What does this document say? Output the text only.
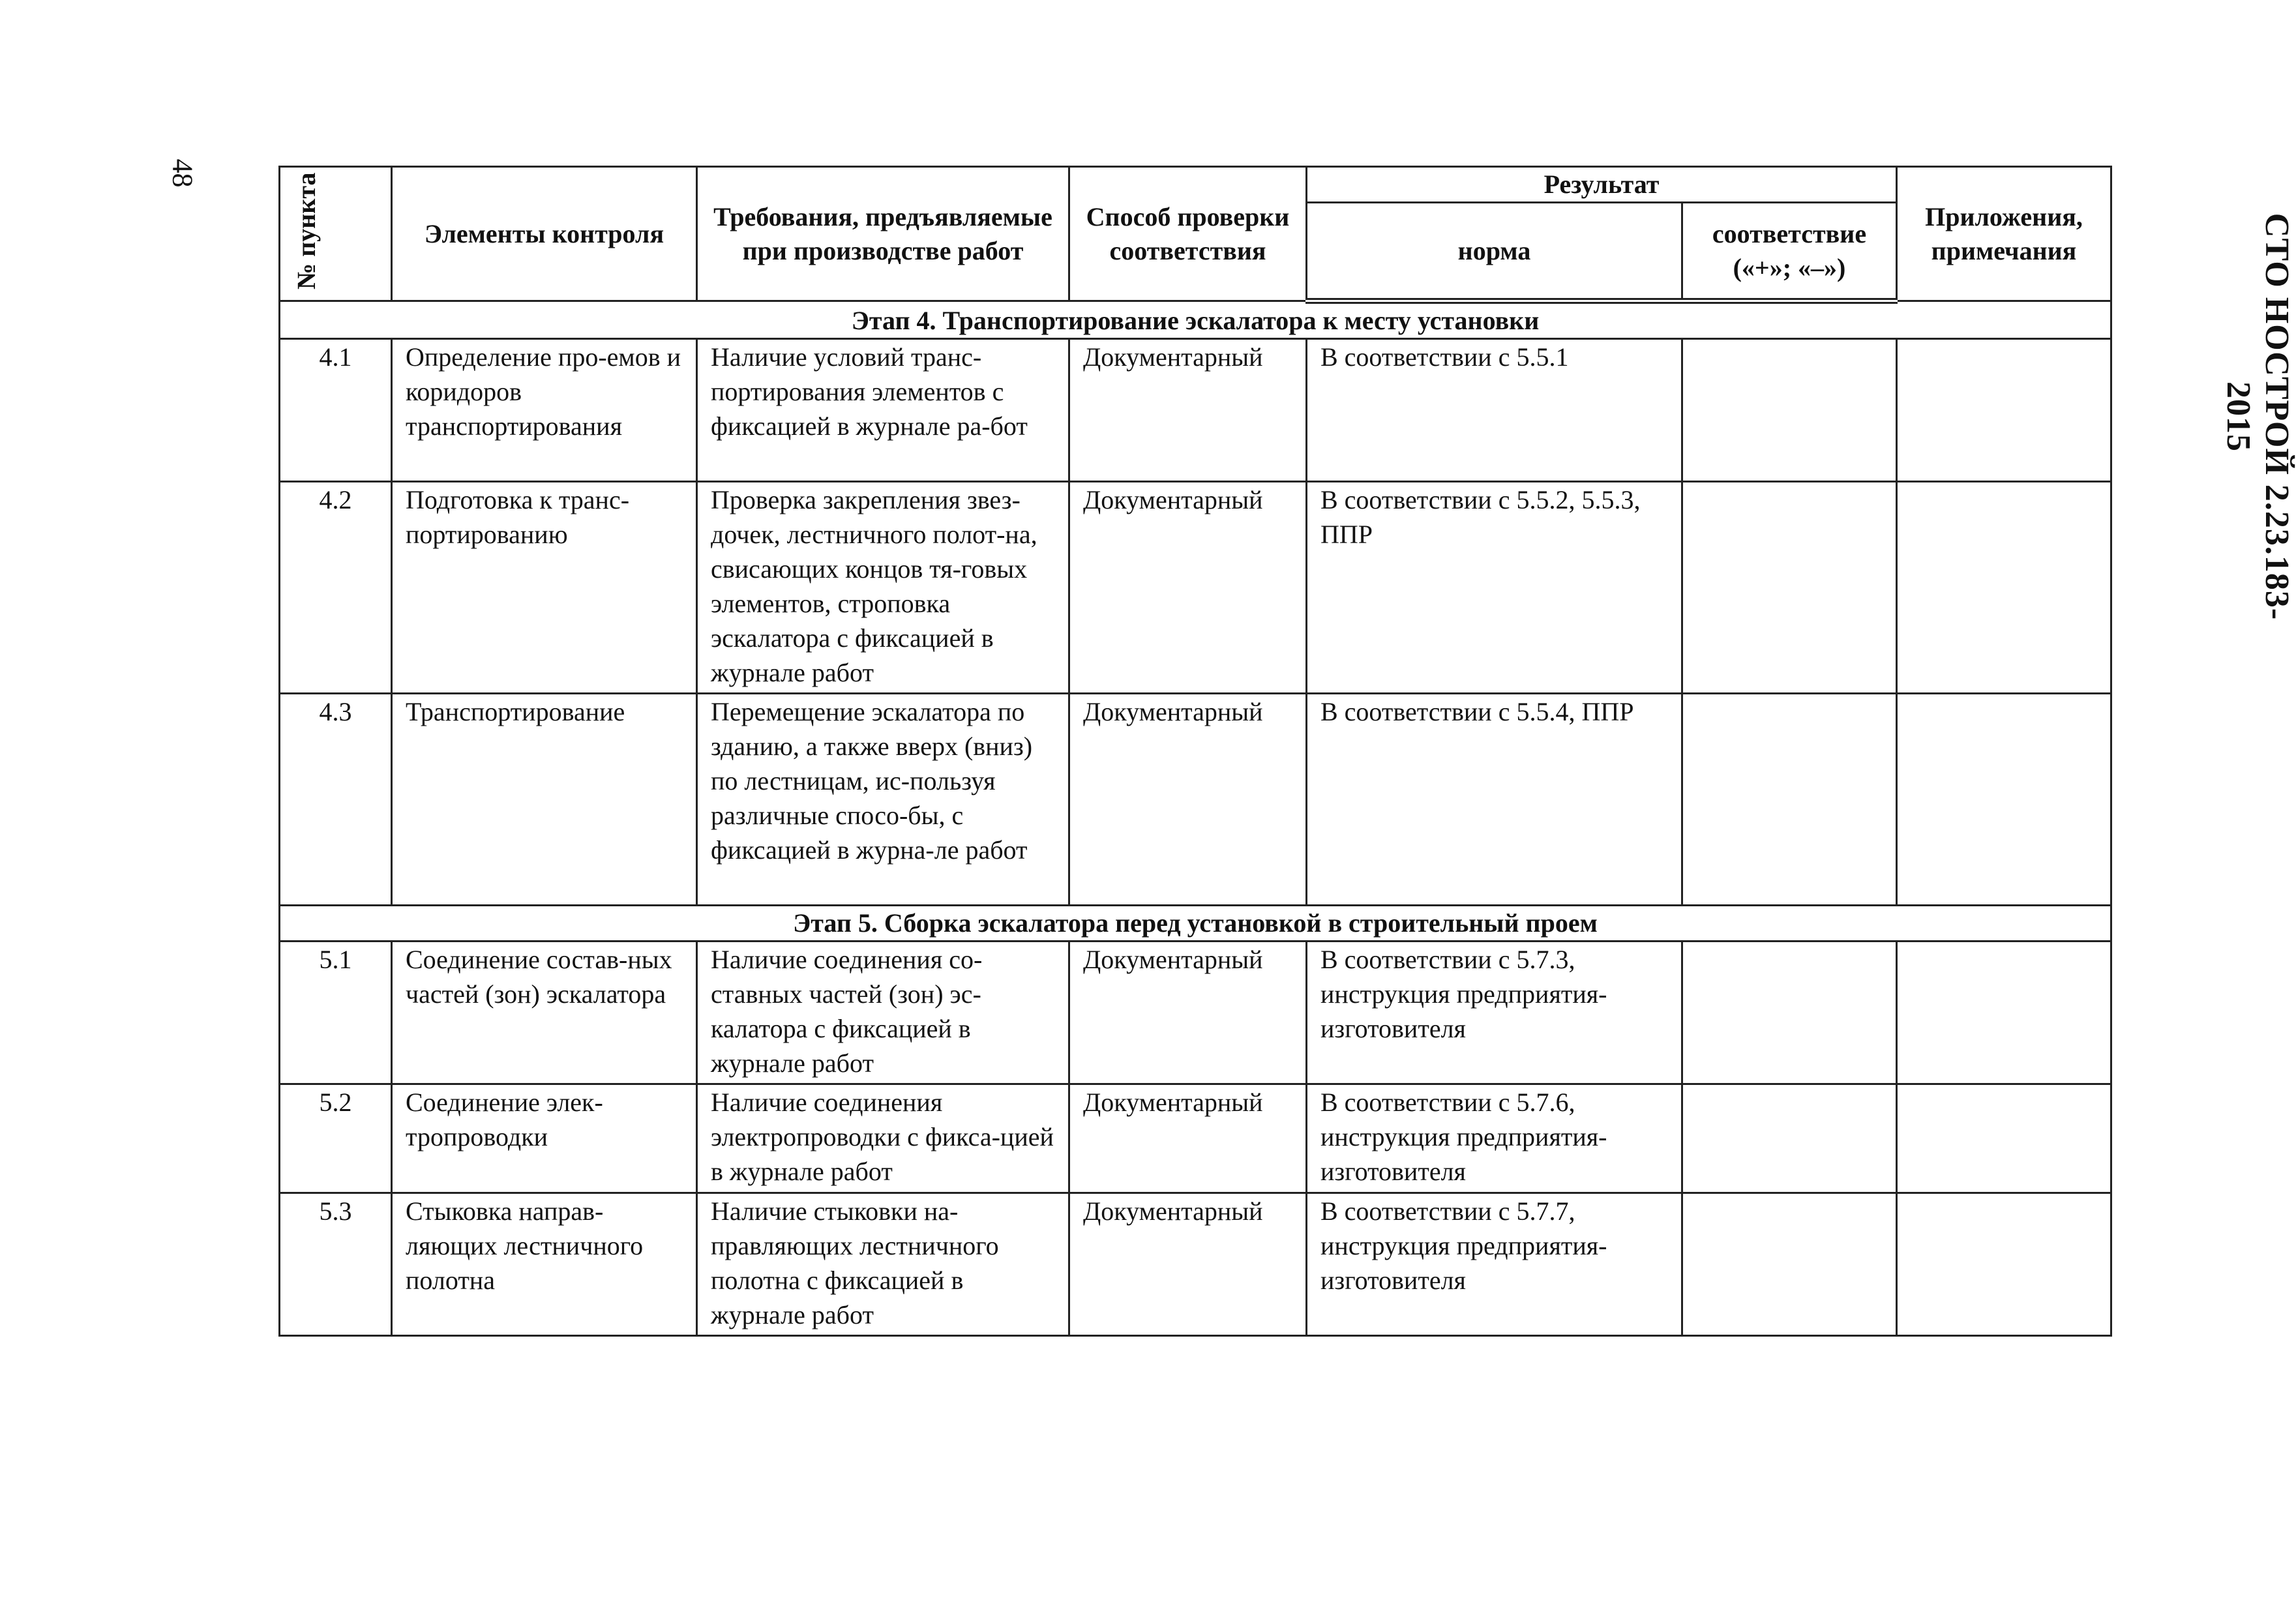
48
СТО НОСТРОЙ 2.23.183-2015
№ пункта	Элементы контроля	Требования, предъявляемые при производстве работ	Способ проверки соответствия	Результат		Приложения, примечания
				норма	соответствие («+»; «–»)	
Этап 4. Транспортирование эскалатора к месту установки						
4.1	Определение про-емов и коридоров транспортирования	Наличие условий транс-портирования элементов с фиксацией в журнале ра-бот	Документарный	В соответствии с 5.5.1		
4.2	Подготовка к транс-портированию	Проверка закрепления звез-дочек, лестничного полот-на, свисающих концов тя-говых элементов, строповка эскалатора с фиксацией в журнале работ	Документарный	В соответствии с 5.5.2, 5.5.3, ППР		
4.3	Транспортирование	Перемещение эскалатора по зданию, а также вверх (вниз) по лестницам, ис-пользуя различные спосо-бы, с фиксацией в журна-ле работ	Документарный	В соответствии с 5.5.4, ППР		
Этап 5. Сборка эскалатора перед установкой в строительный проем						
5.1	Соединение состав-ных частей (зон) эскалатора	Наличие соединения со-ставных частей (зон) эс-калатора с фиксацией в журнале работ	Документарный	В соответствии с 5.7.3, инструкция предприятия-изготовителя		
5.2	Соединение элек-тропроводки	Наличие соединения электропроводки с фикса-цией в журнале работ	Документарный	В соответствии с 5.7.6, инструкция предприятия-изготовителя		
5.3	Стыковка направ-ляющих лестничного полотна	Наличие стыковки на-правляющих лестничного полотна с фиксацией в журнале работ	Документарный	В соответствии с 5.7.7, инструкция предприятия-изготовителя		
